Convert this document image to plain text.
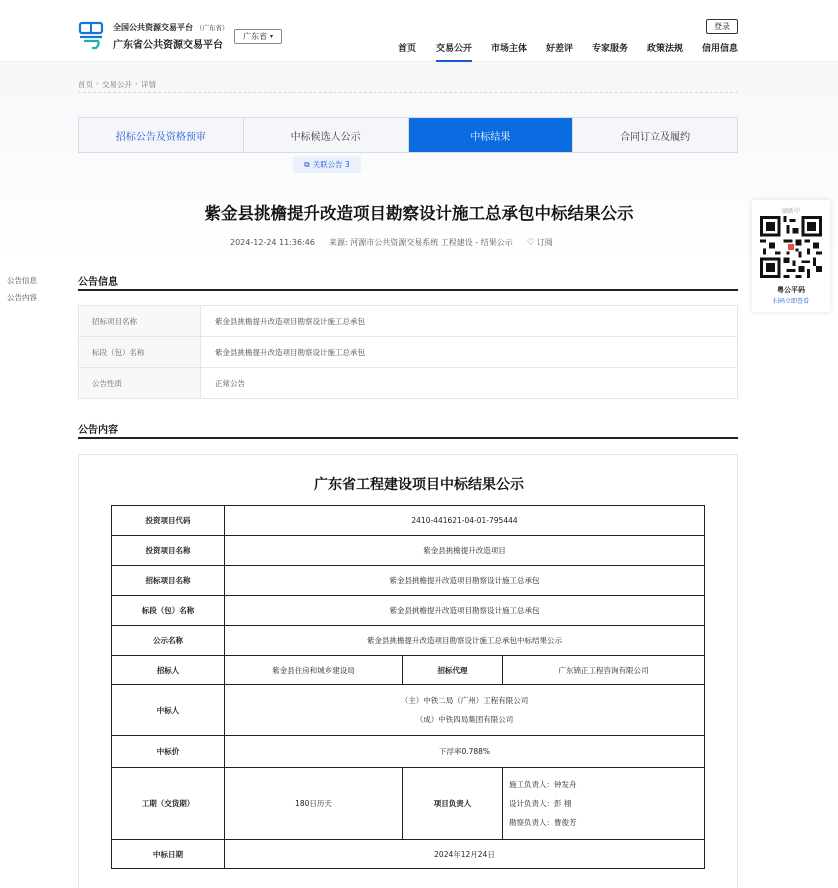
全国公共资源交易平台 （广东省）
广东省公共资源交易平台
广东省 ▾
登录
首页 交易公开 市场主体 好差评 专家服务 政策法规 信用信息
首页 › 交易公开 › 详情
招标公告及资格预审	中标候选人公示	中标结果	合同订立及履约
⧉ 关联公告 3
紫金县挑檐提升改造项目勘察设计施工总承包中标结果公示
2024-12-24 11:36:46 来源: 河源市公共资源交易系统 工程建设 - 结果公示 ♡ 订阅
刷新中
粤公平码
扫码立即查看
公告信息
公告内容
公告信息
招标项目名称	紫金县挑檐提升改造项目勘察设计施工总承包
标段（包）名称	紫金县挑檐提升改造项目勘察设计施工总承包
公告性质	正常公告
公告内容
广东省工程建设项目中标结果公示
投资项目代码	2410-441621-04-01-795444		
投资项目名称	紫金县挑檐提升改造项目		
招标项目名称	紫金县挑檐提升改造项目勘察设计施工总承包		
标段（包）名称	紫金县挑檐提升改造项目勘察设计施工总承包		
公示名称	紫金县挑檐提升改造项目勘察设计施工总承包中标结果公示		
招标人	紫金县住房和城乡建设局	招标代理	广东锦正工程咨询有限公司
中标人	（主）中铁二局（广州）工程有限公司
（成）中铁四局集团有限公司		

中标价	下浮率0.788%		
工期（交货期）	180日历天	项目负责人	施工负责人：钟发舟
设计负责人：彭 栩
勘察负责人：曹俊芳

中标日期	2024年12月24日		
